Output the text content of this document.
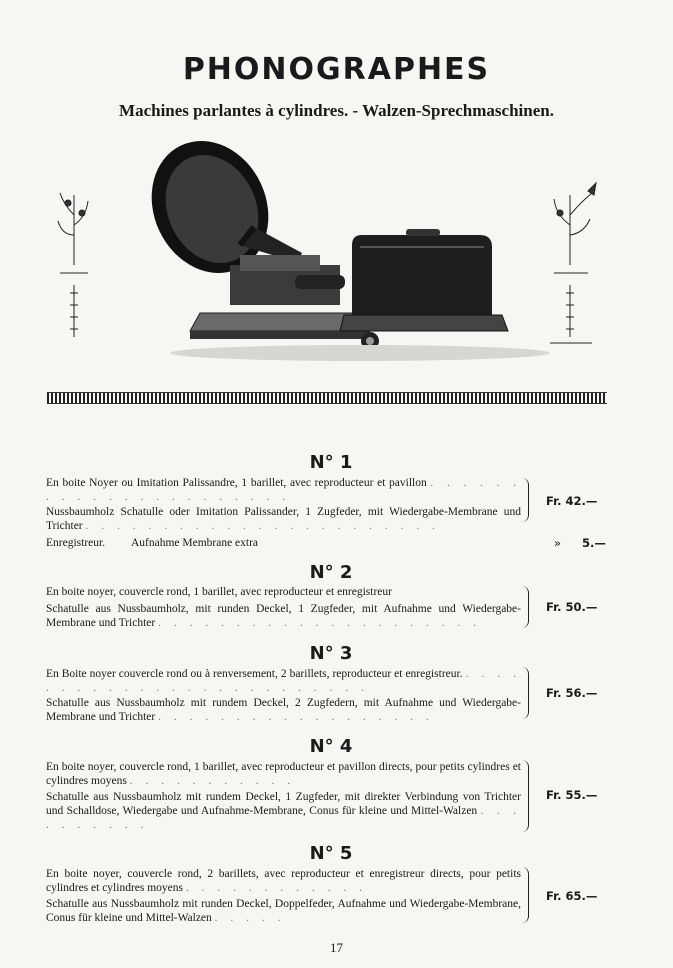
PHONOGRAPHES
Machines parlantes à cylindres. - Walzen-Sprechmaschinen.
N° 1
En boite Noyer ou Imitation Palissandre, 1 barillet, avec reproducteur et pavillon . . . . . . . . . . . . . . . . . . . . . .
Nussbaumholz Schatulle oder Imitation Palissander, 1 Zugfeder, mit Wiedergabe-Membrane und Trichter . . . . . . . . . . . . . . . . . . . . . . .
Fr. 42.—
Enregistreur. Aufnahme Membrane extra	» 5.—
N° 2
En boite noyer, couvercle rond, 1 barillet, avec reproducteur et enregistreur
Schatulle aus Nussbaumholz, mit runden Deckel, 1 Zugfeder, mit Aufnahme und Wiedergabe-Membrane und Trichter . . . . . . . . . . . . . . . . . . . . .
Fr. 50.—
N° 3
En Boite noyer couvercle rond ou à renversement, 2 barillets, reproducteur et enregistreur. . . . . . . . . . . . . . . . . . . . . . . . . .
Schatulle aus Nussbaumholz mit rundem Deckel, 2 Zugfedern, mit Aufnahme und Wiedergabe-Membrane und Trichter . . . . . . . . . . . . . . . . . .
Fr. 56.—
N° 4
En boite noyer, couvercle rond, 1 barillet, avec reproducteur et pavillon directs, pour petits cylindres et cylindres moyens . . . . . . . . . . .
Schatulle aus Nussbaumholz mit rundem Deckel, 1 Zugfeder, mit direkter Verbindung von Trichter und Schalldose, Wiedergabe und Aufnahme-Membrane, Conus für kleine und Mittel-Walzen . . . . . . . . . .
Fr. 55.—
N° 5
En boite noyer, couvercle rond, 2 barillets, avec reproducteur et enregistreur directs, pour petits cylindres et cylindres moyens . . . . . . . . . . . .
Schatulle aus Nussbaumholz mit runden Deckel, Doppelfeder, Aufnahme und Wiedergabe-Membrane, Conus für kleine und Mittel-Walzen . . . . .
Fr. 65.—
17
